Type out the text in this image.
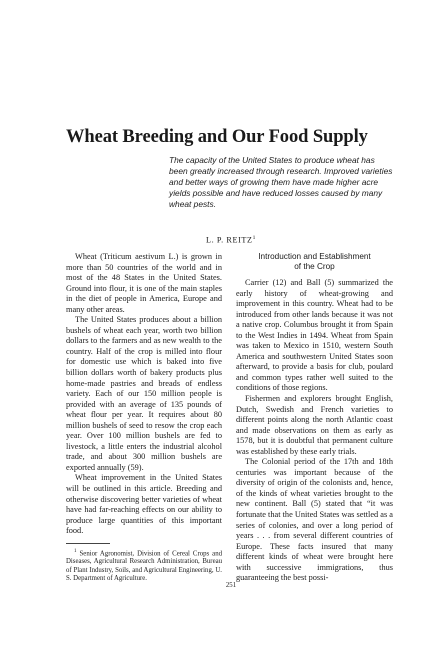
Wheat Breeding and Our Food Supply
The capacity of the United States to produce wheat has been greatly increased through research. Improved varieties and better ways of growing them have made higher acre yields possible and have reduced losses caused by many wheat pests.
L. P. REITZ$^1$

Wheat (Triticum aestivum L.) is grown in more than 50 countries of the world and in most of the 48 States in the United States. Ground into flour, it is one of the main staples in the diet of people in America, Europe and many other areas.

The United States produces about a billion bushels of wheat each year, worth two billion dollars to the farmers and as new wealth to the country. Half of the crop is milled into flour for domestic use which is baked into five billion dollars worth of bakery products plus home-made pastries and breads of endless variety. Each of our 150 million people is provided with an average of 135 pounds of wheat flour per year. It requires about 80 million bushels of seed to resow the crop each year. Over 100 million bushels are fed to livestock, a little enters the industrial alcohol trade, and about 300 million bushels are exported annually (59).

Wheat improvement in the United States will be outlined in this article. Breeding and otherwise discovering better varieties of wheat have had far-reaching effects on our ability to produce large quantities of this important food.

$^1$ Senior Agronomist, Division of Cereal Crops and Diseases, Agricultural Research Administration, Bureau of Plant Industry, Soils, and Agricultural Engineering, U. S. Department of Agriculture.
Introduction and Establishment
of the Crop

Carrier (12) and Ball (5) summarized the early history of wheat-growing and improvement in this country. Wheat had to be introduced from other lands because it was not a native crop. Columbus brought it from Spain to the West Indies in 1494. Wheat from Spain was taken to Mexico in 1510, western South America and southwestern United States soon afterward, to provide a basis for club, poulard and common types rather well suited to the conditions of those regions.

Fishermen and explorers brought English, Dutch, Swedish and French varieties to different points along the north Atlantic coast and made observations on them as early as 1578, but it is doubtful that permanent culture was established by these early trials.

The Colonial period of the 17th and 18th centuries was important because of the diversity of origin of the colonists and, hence, of the kinds of wheat varieties brought to the new continent. Ball (5) stated that “it was fortunate that the United States was settled as a series of colonies, and over a long period of years . . . from several different countries of Europe. These facts insured that many different kinds of wheat were brought here with successive immigrations, thus guaranteeing the best possi-

251
